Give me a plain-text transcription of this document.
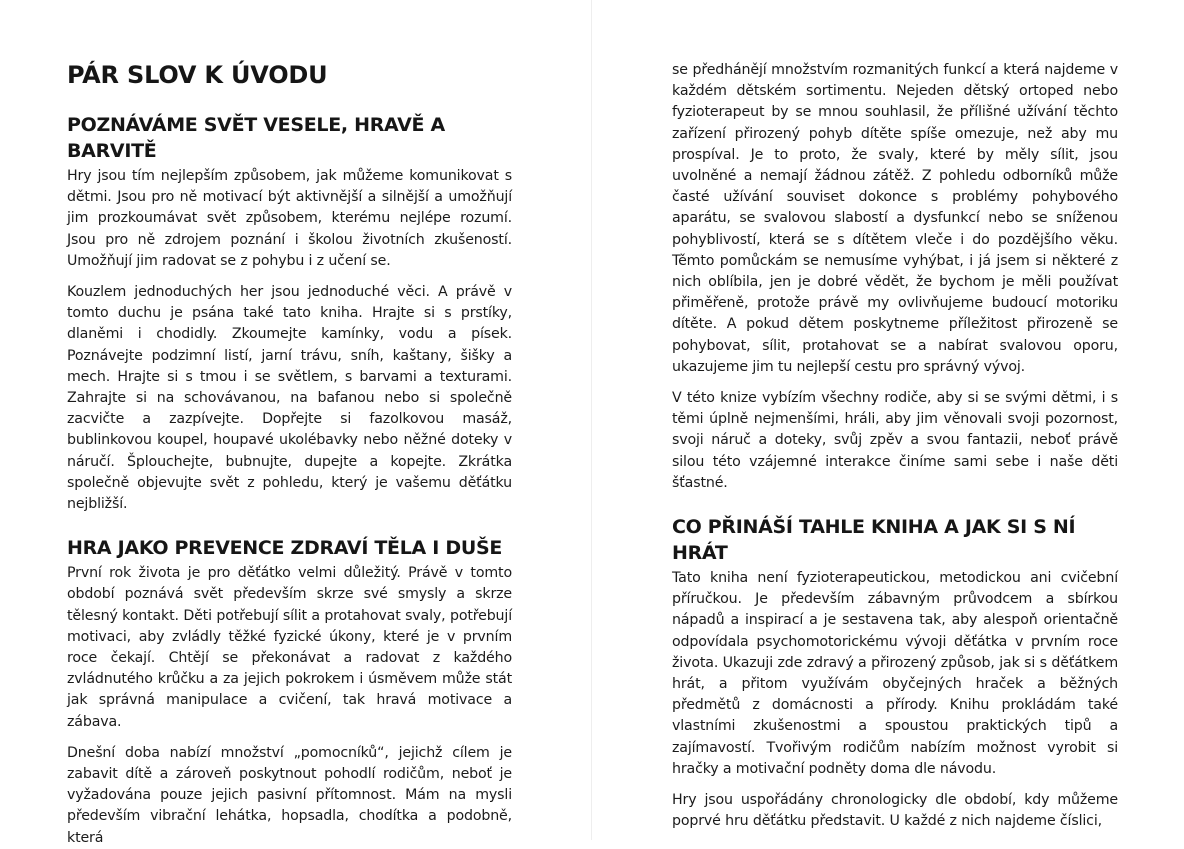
PÁR SLOV K ÚVODU
POZNÁVÁME SVĚT VESELE, HRAVĚ A BARVITĚ

Hry jsou tím nejlepším způsobem, jak můžeme komunikovat s dětmi. Jsou pro ně motivací být aktivnější a silnější a umožňují jim prozkoumávat svět způsobem, kterému nejlépe rozumí. Jsou pro ně zdrojem poznání i školou životních zkušeností. Umožňují jim radovat se z pohybu i z učení se.

Kouzlem jednoduchých her jsou jednoduché věci. A právě v tomto duchu je psána také tato kniha. Hrajte si s prstíky, dlaněmi i chodidly. Zkoumejte kamínky, vodu a písek. Poznávejte podzimní listí, jarní trávu, sníh, kaštany, šišky a mech. Hrajte si s tmou i se světlem, s barvami a texturami. Zahrajte si na schovávanou, na bafanou nebo si společně zacvičte a zazpívejte. Dopřejte si fazolkovou masáž, bublinkovou koupel, houpavé ukolébavky nebo něžné doteky v náručí. Šplouchejte, bubnujte, dupejte a kopejte. Zkrátka společně objevujte svět z pohledu, který je vašemu děťátku nejbližší.

HRA JAKO PREVENCE ZDRAVÍ TĚLA I DUŠE

První rok života je pro děťátko velmi důležitý. Právě v tomto období poznává svět především skrze své smysly a skrze tělesný kontakt. Děti potřebují sílit a protahovat svaly, potřebují motivaci, aby zvládly těžké fyzické úkony, které je v prvním roce čekají. Chtějí se překonávat a radovat z každého zvládnutého krůčku a za jejich pokrokem i úsměvem může stát jak správná manipulace a cvičení, tak hravá motivace a zábava.

Dnešní doba nabízí množství „pomocníků“, jejichž cílem je zabavit dítě a zároveň poskytnout pohodlí rodičům, neboť je vyžadována pouze jejich pasivní přítomnost. Mám na mysli především vibrační lehátka, hopsadla, chodítka a podobně, která

se předhánějí množstvím rozmanitých funkcí a která najdeme v každém dětském sortimentu. Nejeden dětský ortoped nebo fyzioterapeut by se mnou souhlasil, že přílišné užívání těchto zařízení přirozený pohyb dítěte spíše omezuje, než aby mu prospíval. Je to proto, že svaly, které by měly sílit, jsou uvolněné a nemají žádnou zátěž. Z pohledu odborníků může časté užívání souviset dokonce s problémy pohybového aparátu, se svalovou slabostí a dysfunkcí nebo se sníženou pohyblivostí, která se s dítětem vleče i do pozdějšího věku. Těmto pomůckám se nemusíme vyhýbat, i já jsem si některé z nich oblíbila, jen je dobré vědět, že bychom je měli používat přiměřeně, protože právě my ovlivňujeme budoucí motoriku dítěte. A pokud dětem poskytneme příležitost přirozeně se pohybovat, sílit, protahovat se a nabírat svalovou oporu, ukazujeme jim tu nejlepší cestu pro správný vývoj.

V této knize vybízím všechny rodiče, aby si se svými dětmi, i s těmi úplně nejmenšími, hráli, aby jim věnovali svoji pozornost, svoji náruč a doteky, svůj zpěv a svou fantazii, neboť právě silou této vzájemné interakce činíme sami sebe i naše děti šťastné.

CO PŘINÁŠÍ TAHLE KNIHA A JAK SI S NÍ HRÁT

Tato kniha není fyzioterapeutickou, metodickou ani cvičební příručkou. Je především zábavným průvodcem a sbírkou nápadů a inspirací a je sestavena tak, aby alespoň orientačně odpovídala psychomotorickému vývoji děťátka v prvním roce života. Ukazuji zde zdravý a přirozený způsob, jak si s děťátkem hrát, a přitom využívám obyčejných hraček a běžných předmětů z domácnosti a přírody. Knihu prokládám také vlastními zkušenostmi a spoustou praktických tipů a zajímavostí. Tvořivým rodičům nabízím možnost vyrobit si hračky a motivační podněty doma dle návodu.

Hry jsou uspořádány chronologicky dle období, kdy můžeme poprvé hru děťátku představit. U každé z nich najdeme číslici,
